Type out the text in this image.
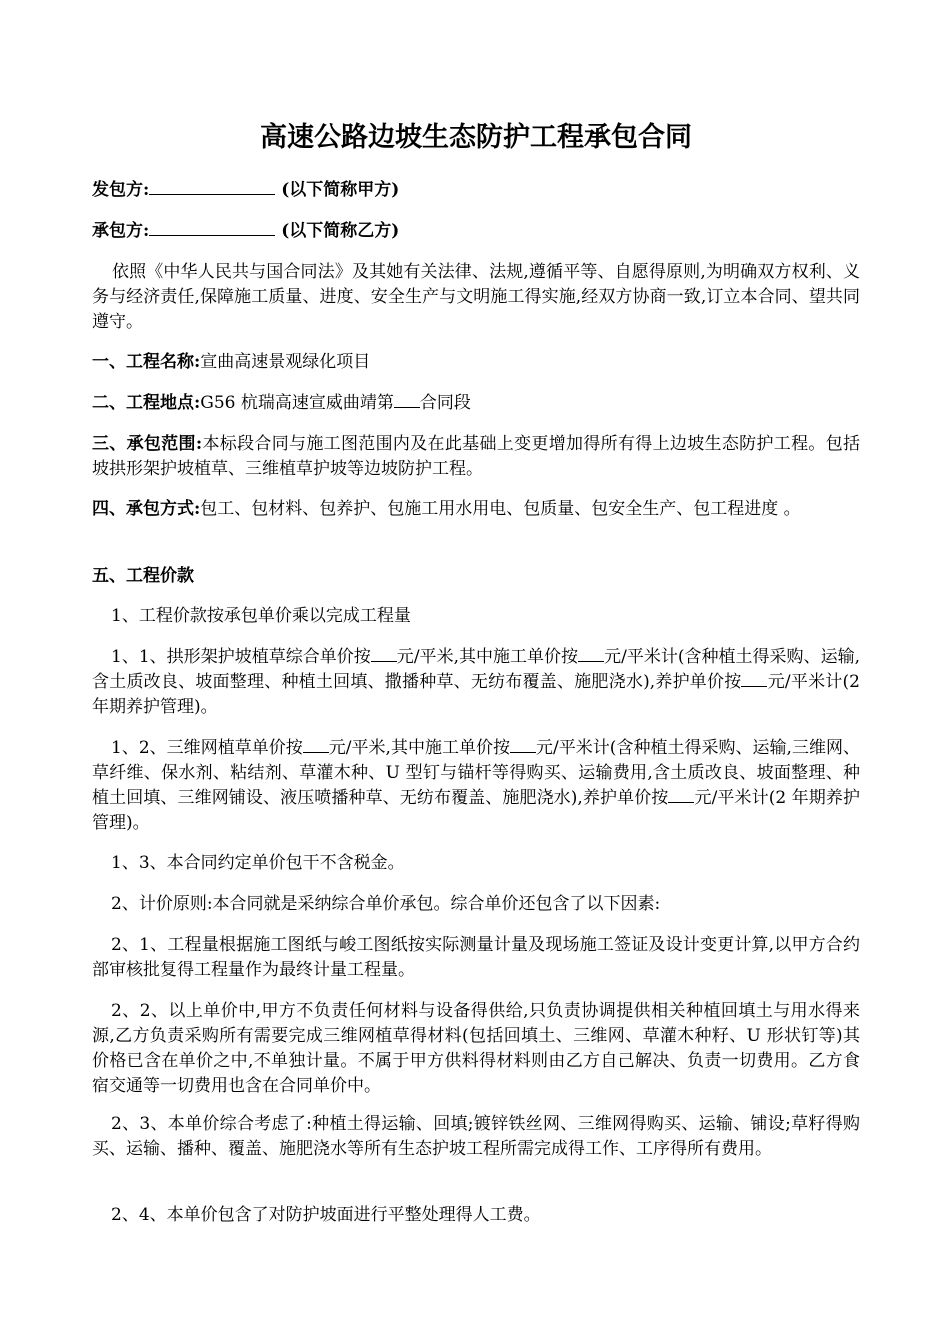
高速公路边坡生态防护工程承包合同

发包方:	(以下简称甲方)

承包方:	(以下简称乙方)

依照《中华人民共与国合同法》及其她有关法律、法规,遵循平等、自愿得原则,为明确双方权利、义务与经济责任,保障施工质量、进度、安全生产与文明施工得实施,经双方协商一致,订立本合同、望共同遵守。

一、工程名称:宣曲高速景观绿化项目

二、工程地点:G56 杭瑞高速宣威曲靖第 合同段

三、承包范围:本标段合同与施工图范围内及在此基础上变更增加得所有得上边坡生态防护工程。包括坡拱形架护坡植草、三维植草护坡等边坡防护工程。

四、承包方式:包工、包材料、包养护、包施工用水用电、包质量、包安全生产、包工程进度 。

五、工程价款

1、工程价款按承包单价乘以完成工程量

1、1、拱形架护坡植草综合单价按 元/平米,其中施工单价按 元/平米计(含种植土得采购、运输,含土质改良、坡面整理、种植土回填、撒播种草、无纺布覆盖、施肥浇水),养护单价按 元/平米计(2 年期养护管理)。

1、2、三维网植草单价按 元/平米,其中施工单价按 元/平米计(含种植土得采购、运输,三维网、草纤维、保水剂、粘结剂、草灌木种、U 型钉与锚杆等得购买、运输费用,含土质改良、坡面整理、种植土回填、三维网铺设、液压喷播种草、无纺布覆盖、施肥浇水),养护单价按 元/平米计(2 年期养护管理)。

1、3、本合同约定单价包干不含税金。

2、计价原则:本合同就是采纳综合单价承包。综合单价还包含了以下因素:

2、1、工程量根据施工图纸与峻工图纸按实际测量计量及现场施工签证及设计变更计算,以甲方合约部审核批复得工程量作为最终计量工程量。

2、2、以上单价中,甲方不负责任何材料与设备得供给,只负责协调提供相关种植回填土与用水得来源,乙方负责采购所有需要完成三维网植草得材料(包括回填土、三维网、草灌木种籽、U 形状钉等)其价格已含在单价之中,不单独计量。不属于甲方供料得材料则由乙方自己解决、负责一切费用。乙方食宿交通等一切费用也含在合同单价中。

2、3、本单价综合考虑了:种植土得运输、回填;镀锌铁丝网、三维网得购买、运输、铺设;草籽得购买、运输、播种、覆盖、施肥浇水等所有生态护坡工程所需完成得工作、工序得所有费用。

2、4、本单价包含了对防护坡面进行平整处理得人工费。
